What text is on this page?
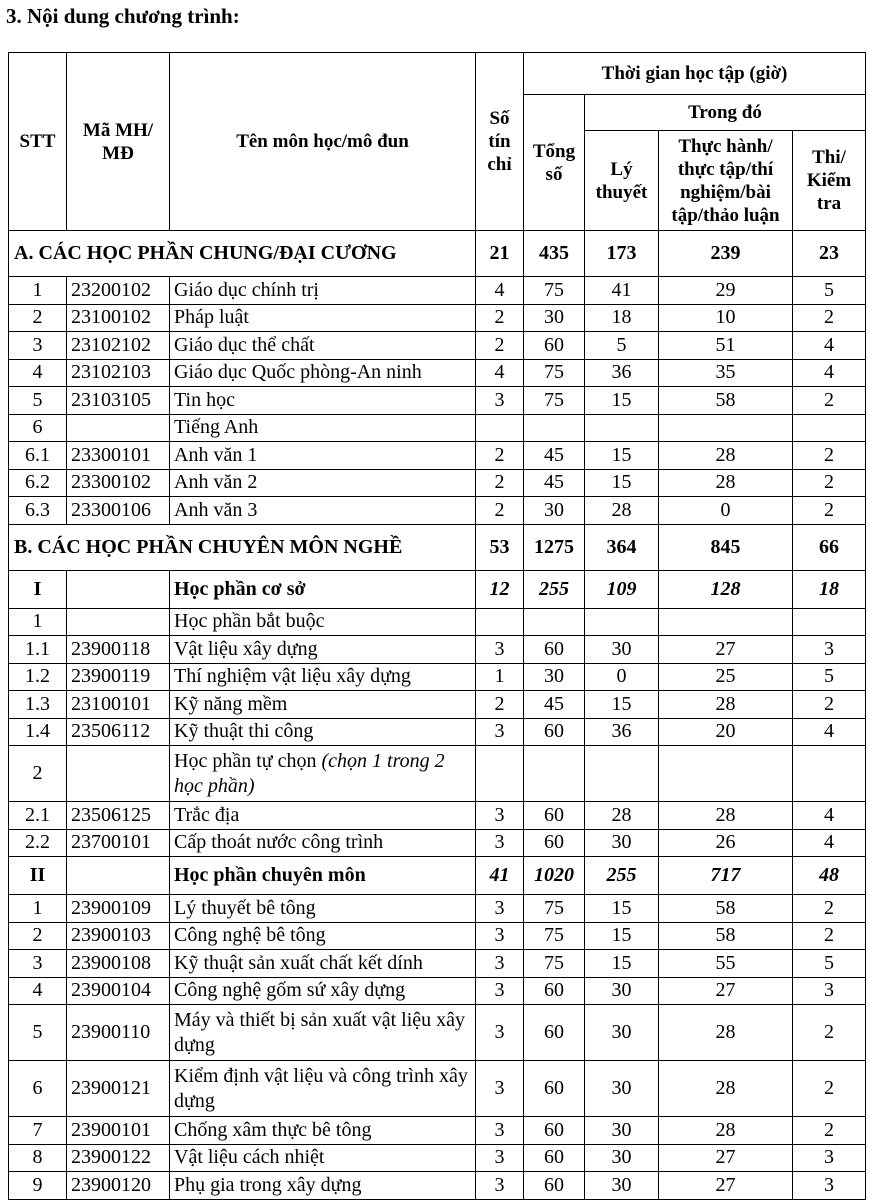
3. Nội dung chương trình:
STT	Mã MH/ MĐ	Tên môn học/mô đun	Số tín chỉ	Thời gian học tập (giờ)			
				Tổng số	Trong đó		
					Lý thuyết	Thực hành/ thực tập/thí nghiệm/bài tập/thảo luận	Thi/ Kiểm tra
A. CÁC HỌC PHẦN CHUNG/ĐẠI CƯƠNG			21	435	173	239	23
1	23200102	Giáo dục chính trị	4	75	41	29	5
2	23100102	Pháp luật	2	30	18	10	2
3	23102102	Giáo dục thể chất	2	60	5	51	4
4	23102103	Giáo dục Quốc phòng-An ninh	4	75	36	35	4
5	23103105	Tin học	3	75	15	58	2
6		Tiếng Anh					
6.1	23300101	Anh văn 1	2	45	15	28	2
6.2	23300102	Anh văn 2	2	45	15	28	2
6.3	23300106	Anh văn 3	2	30	28	0	2
B. CÁC HỌC PHẦN CHUYÊN MÔN NGHỀ			53	1275	364	845	66
I		Học phần cơ sở	12	255	109	128	18
1		Học phần bắt buộc					
1.1	23900118	Vật liệu xây dựng	3	60	30	27	3
1.2	23900119	Thí nghiệm vật liệu xây dựng	1	30	0	25	5
1.3	23100101	Kỹ năng mềm	2	45	15	28	2
1.4	23506112	Kỹ thuật thi công	3	60	36	20	4
2		Học phần tự chọn (chọn 1 trong 2 học phần)					
2.1	23506125	Trắc địa	3	60	28	28	4
2.2	23700101	Cấp thoát nước công trình	3	60	30	26	4
II		Học phần chuyên môn	41	1020	255	717	48
1	23900109	Lý thuyết bê tông	3	75	15	58	2
2	23900103	Công nghệ bê tông	3	75	15	58	2
3	23900108	Kỹ thuật sản xuất chất kết dính	3	75	15	55	5
4	23900104	Công nghệ gốm sứ xây dựng	3	60	30	27	3
5	23900110	Máy và thiết bị sản xuất vật liệu xây dựng	3	60	30	28	2
6	23900121	Kiểm định vật liệu và công trình xây dựng	3	60	30	28	2
7	23900101	Chống xâm thực bê tông	3	60	30	28	2
8	23900122	Vật liệu cách nhiệt	3	60	30	27	3
9	23900120	Phụ gia trong xây dựng	3	60	30	27	3
